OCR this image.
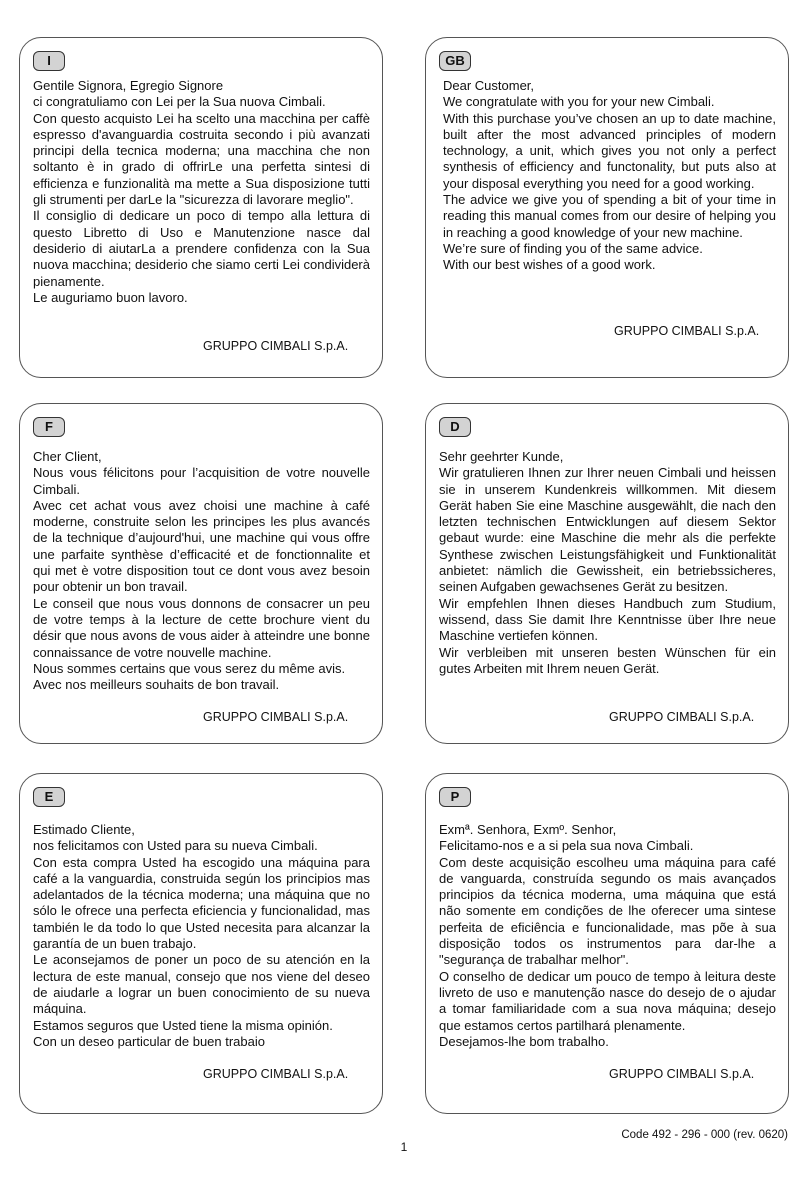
I

Gentile Signora, Egregio Signore

ci congratuliamo con Lei per la Sua nuova Cimbali.

Con questo acquisto Lei ha scelto una macchina per caffè espresso d'avanguardia costruita secondo i più avanzati principi della tecnica moderna; una macchina che non soltanto è in grado di offrirLe una perfetta sintesi di efficienza e funzionalità ma mette a Sua disposizione tutti gli strumenti per darLe la "sicurezza di lavorare meglio".

Il consiglio di dedicare un poco di tempo alla lettura di questo Libretto di Uso e Manutenzione nasce dal desiderio di aiutarLa a prendere confidenza con la Sua nuova macchina; desiderio che siamo certi Lei condividerà pienamente.

Le auguriamo buon lavoro.

GRUPPO CIMBALI S.p.A.
GB

Dear Customer,

We congratulate with you for your new Cimbali.

With this purchase you’ve chosen an up to date machine, built after the most advanced principles of modern technology, a unit, which gives you not only a perfect synthesis of efficiency and functonality, but puts also at your disposal everything you need for a good working.

The advice we give you of spending a bit of your time in reading this manual comes from our desire of helping you in reaching a good knowledge of your new machine.

We’re sure of finding you of the same advice.

With our best wishes of a good work.

GRUPPO CIMBALI S.p.A.
F

Cher Client,

Nous vous félicitons pour l’acquisition de votre nouvelle Cimbali.

Avec cet achat vous avez choisi une machine à café moderne, construite selon les principes les plus avancés de la technique d’aujourd'hui, une machine qui vous offre une parfaite synthèse d’efficacité et de fonctionnalite et qui met è votre disposition tout ce dont vous avez besoin pour obtenir un bon travail.

Le conseil que nous vous donnons de consacrer un peu de votre temps à la lecture de cette brochure vient du désir que nous avons de vous aider à atteindre une bonne connaissance de votre nouvelle machine.

Nous sommes certains que vous serez du même avis.

Avec nos meilleurs souhaits de bon travail.

GRUPPO CIMBALI S.p.A.
D

Sehr geehrter Kunde,

Wir gratulieren Ihnen zur Ihrer neuen Cimbali und heissen sie in unserem Kundenkreis willkommen. Mit diesem Gerät haben Sie eine Maschine ausgewählt, die nach den letzten technischen Entwicklungen auf diesem Sektor gebaut wurde: eine Maschine die mehr als die perfekte Synthese zwischen Leistungsfähigkeit und Funktionalität anbietet: nämlich die Gewissheit, ein betriebssicheres, seinen Aufgaben gewachsenes Gerät zu besitzen.

Wir empfehlen Ihnen dieses Handbuch zum Studium, wissend, dass Sie damit Ihre Kenntnisse über Ihre neue Maschine vertiefen können.

Wir verbleiben mit unseren besten Wünschen für ein gutes Arbeiten mit Ihrem neuen Gerät.

GRUPPO CIMBALI S.p.A.
E

Estimado Cliente,

nos felicitamos con Usted para su nueva Cimbali.

Con esta compra Usted ha escogido una máquina para café a la vanguardia, construida según los principios mas adelantados de la técnica moderna; una máquina que no sólo le ofrece una perfecta eficiencia y funcionalidad, mas también le da todo lo que Usted necesita para alcanzar la garantía de un buen trabajo.

Le aconsejamos de poner un poco de su atención en la lectura de este manual, consejo que nos viene del deseo de aiudarle a lograr un buen conocimiento de su nueva máquina.

Estamos seguros que Usted tiene la misma opinión.

Con un deseo particular de buen trabaio

GRUPPO CIMBALI S.p.A.
P

Exmª. Senhora, Exmº. Senhor,

Felicitamo-nos e a si pela sua nova Cimbali.

Com deste acquisição escolheu uma máquina para café de vanguarda, construída segundo os mais avançados principios da técnica moderna, uma máquina que está não somente em condições de lhe oferecer uma sintese perfeita de eficiência e funcionalidade, mas põe à sua disposição todos os instrumentos para dar-lhe a "segurança de trabalhar melhor".

O conselho de dedicar um pouco de tempo à leitura deste livreto de uso e manutenção nasce do desejo de o ajudar a tomar familiaridade com a sua nova máquina; desejo que estamos certos partilhará plenamente.

Desejamos-lhe bom trabalho.

GRUPPO CIMBALI S.p.A.
Code 492 - 296 - 000 (rev. 0620)
1
